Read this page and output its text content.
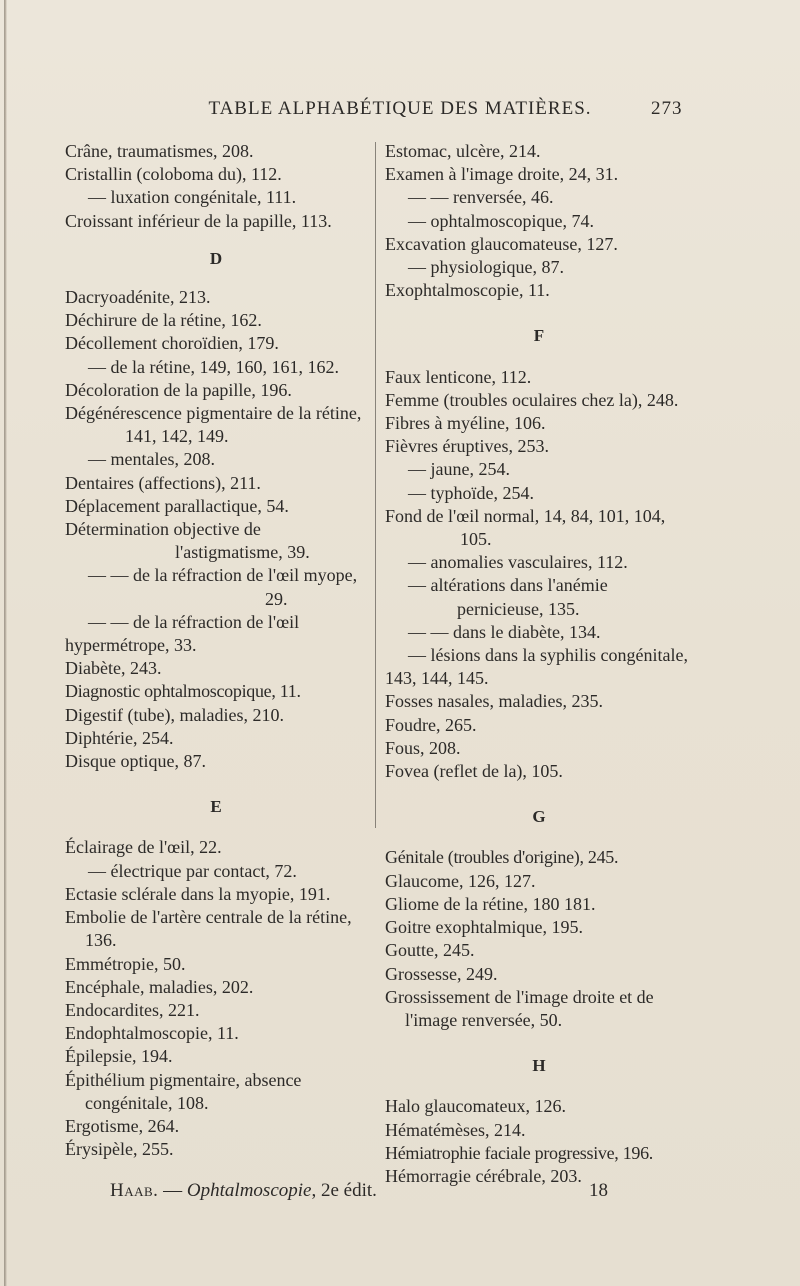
TABLE ALPHABÉTIQUE DES MATIÈRES.	273

Crâne, traumatismes, 208.

Cristallin (coloboma du), 112.

— luxation congénitale, 111.

Croissant inférieur de la papille, 113.

D

Dacryoadénite, 213.

Déchirure de la rétine, 162.

Décollement choroïdien, 179.

— de la rétine, 149, 160, 161, 162.

Décoloration de la papille, 196.

Dégénérescence pigmentaire de la rétine, 141, 142, 149.

— mentales, 208.

Dentaires (affections), 211.

Déplacement parallactique, 54.

Détermination objective de l'astigmatisme, 39.

— — de la réfraction de l'œil myope, 29.

— — de la réfraction de l'œil hypermétrope, 33.

Diabète, 243.

Diagnostic ophtalmoscopique, 11.

Digestif (tube), maladies, 210.

Diphtérie, 254.

Disque optique, 87.

E

Éclairage de l'œil, 22.

— électrique par contact, 72.

Ectasie sclérale dans la myopie, 191.

Embolie de l'artère centrale de la rétine, 136.

Emmétropie, 50.

Encéphale, maladies, 202.

Endocardites, 221.

Endophtalmoscopie, 11.

Épilepsie, 194.

Épithélium pigmentaire, absence congénitale, 108.

Ergotisme, 264.

Érysipèle, 255.

Estomac, ulcère, 214.

Examen à l'image droite, 24, 31.

— — renversée, 46.

— ophtalmoscopique, 74.

Excavation glaucomateuse, 127.

— physiologique, 87.

Exophtalmoscopie, 11.

F

Faux lenticone, 112.

Femme (troubles oculaires chez la), 248.

Fibres à myéline, 106.

Fièvres éruptives, 253.

— jaune, 254.

— typhoïde, 254.

Fond de l'œil normal, 14, 84, 101, 104, 105.

— anomalies vasculaires, 112.

— altérations dans l'anémie pernicieuse, 135.

— — dans le diabète, 134.

— lésions dans la syphilis congénitale, 143, 144, 145.

Fosses nasales, maladies, 235.

Foudre, 265.

Fous, 208.

Fovea (reflet de la), 105.

G

Génitale (troubles d'origine), 245.

Glaucome, 126, 127.

Gliome de la rétine, 180 181.

Goitre exophtalmique, 195.

Goutte, 245.

Grossesse, 249.

Grossissement de l'image droite et de l'image renversée, 50.

H

Halo glaucomateux, 126.

Hématémèses, 214.

Hémiatrophie faciale progressive, 196.

Hémorragie cérébrale, 203.

Haab. — Ophtalmoscopie, 2e édit.	18
